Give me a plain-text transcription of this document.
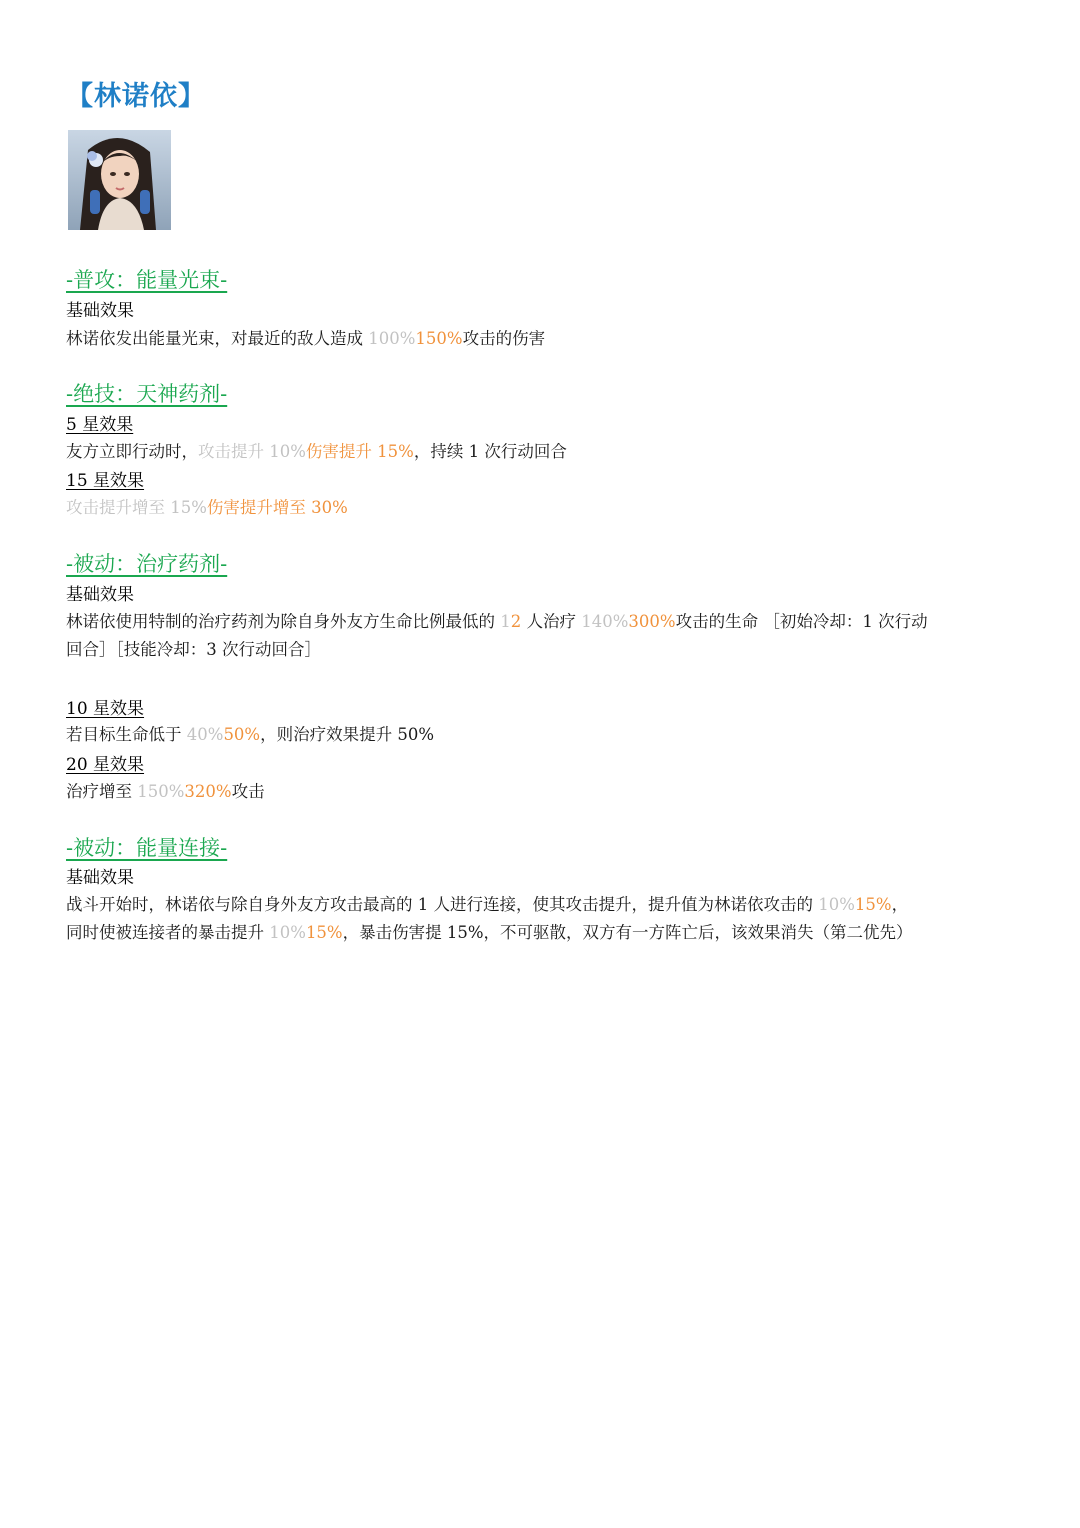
【林诺依】
-普攻：能量光束-
基础效果
林诺依发出能量光束，对最近的敌人造成 100%150%攻击的伤害
-绝技：天神药剂-
5 星效果
友方立即行动时，攻击提升 10%伤害提升 15%，持续 1 次行动回合
15 星效果
攻击提升增至 15%伤害提升增至 30%
-被动：治疗药剂-
基础效果
林诺依使用特制的治疗药剂为除自身外友方生命比例最低的 12 人治疗 140%300%攻击的生命 ［初始冷却：1 次行动
回合］［技能冷却：3 次行动回合］
10 星效果
若目标生命低于 40%50%，则治疗效果提升 50%
20 星效果
治疗增至 150%320%攻击
-被动：能量连接-
基础效果
战斗开始时，林诺依与除自身外友方攻击最高的 1 人进行连接，使其攻击提升，提升值为林诺依攻击的 10%15%，
同时使被连接者的暴击提升 10%15%，暴击伤害提 15%，不可驱散，双方有一方阵亡后，该效果消失（第二优先）
